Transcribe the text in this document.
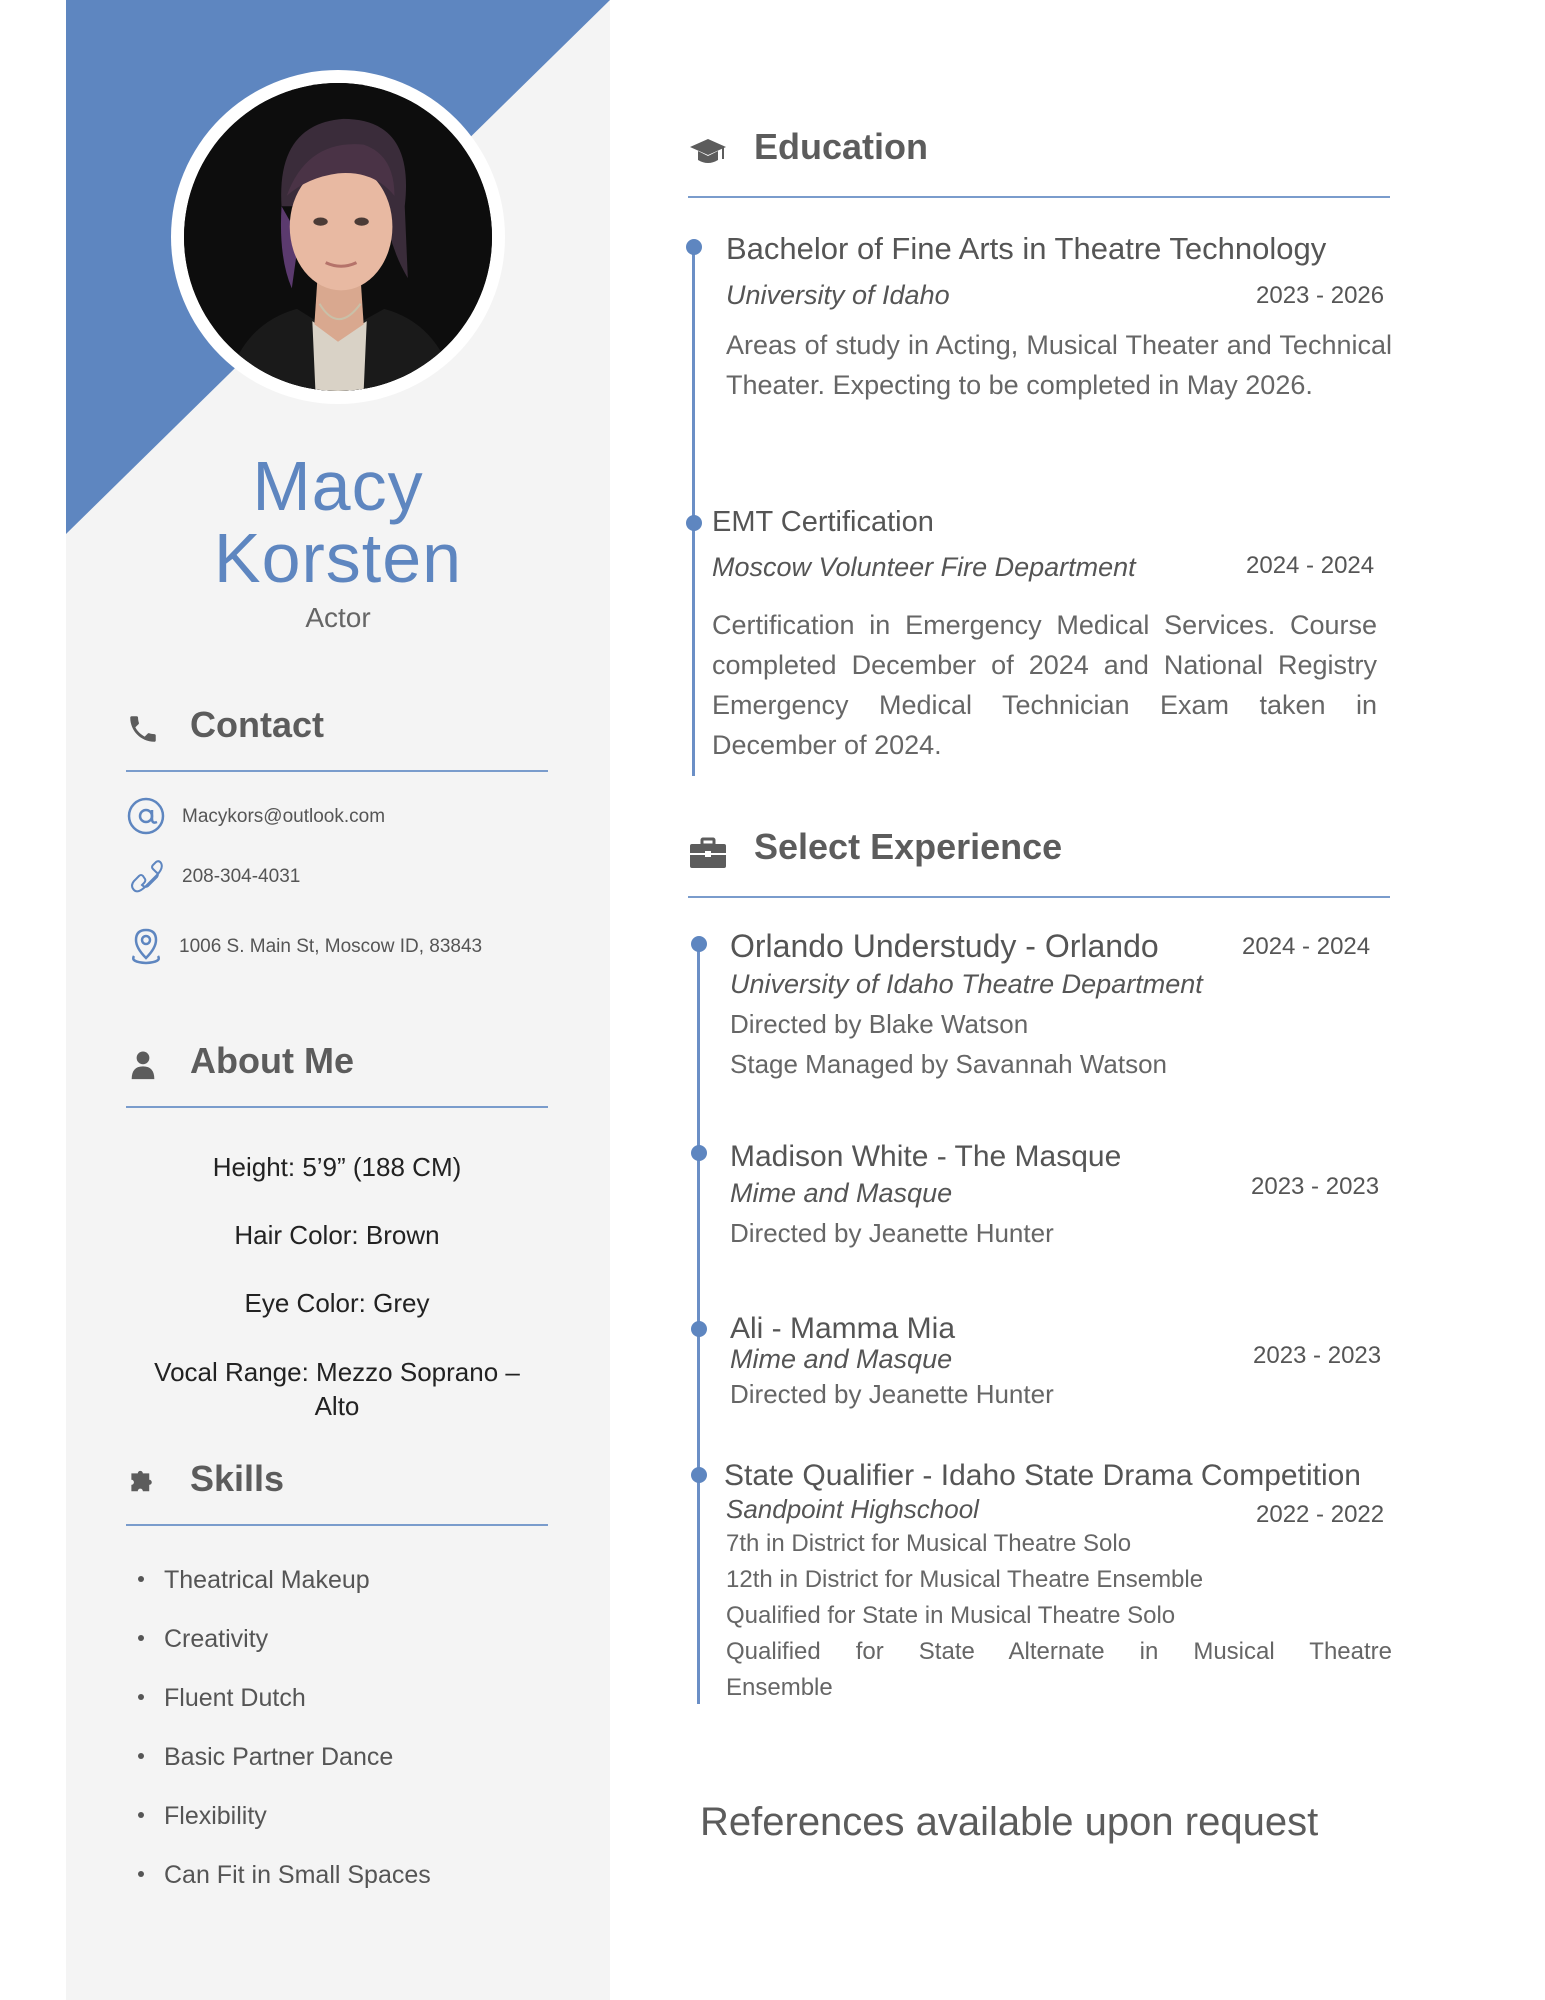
Macy
Korsten
Actor
Contact
Macykors@outlook.com
208-304-4031
1006 S. Main St, Moscow ID, 83843
About Me
Height: 5’9” (188 CM)
Hair Color: Brown
Eye Color: Grey
Vocal Range: Mezzo Soprano –
Alto
Skills
Theatrical Makeup
Creativity
Fluent Dutch
Basic Partner Dance
Flexibility
Can Fit in Small Spaces
Education
Bachelor of Fine Arts in Theatre Technology
University of Idaho	2023 - 2026
Areas of study in Acting, Musical Theater and Technical Theater. Expecting to be completed in May 2026.
EMT Certification
Moscow Volunteer Fire Department	2024 - 2024
Certification in Emergency Medical Services. Course completed December of 2024 and National Registry Emergency Medical Technician Exam taken in December of 2024.
Select Experience
Orlando Understudy - Orlando	2024 - 2024
University of Idaho Theatre Department
Directed by Blake Watson
Stage Managed by Savannah Watson
Madison White - The Masque
2023 - 2023
Mime and Masque
Directed by Jeanette Hunter
Ali - Mamma Mia
2023 - 2023
Mime and Masque
Directed by Jeanette Hunter
State Qualifier - Idaho State Drama Competition
Sandpoint Highschool	2022 - 2022
7th in District for Musical Theatre Solo
12th in District for Musical Theatre Ensemble
Qualified for State in Musical Theatre Solo
Qualified for State Alternate in Musical Theatre
Ensemble
References available upon request
